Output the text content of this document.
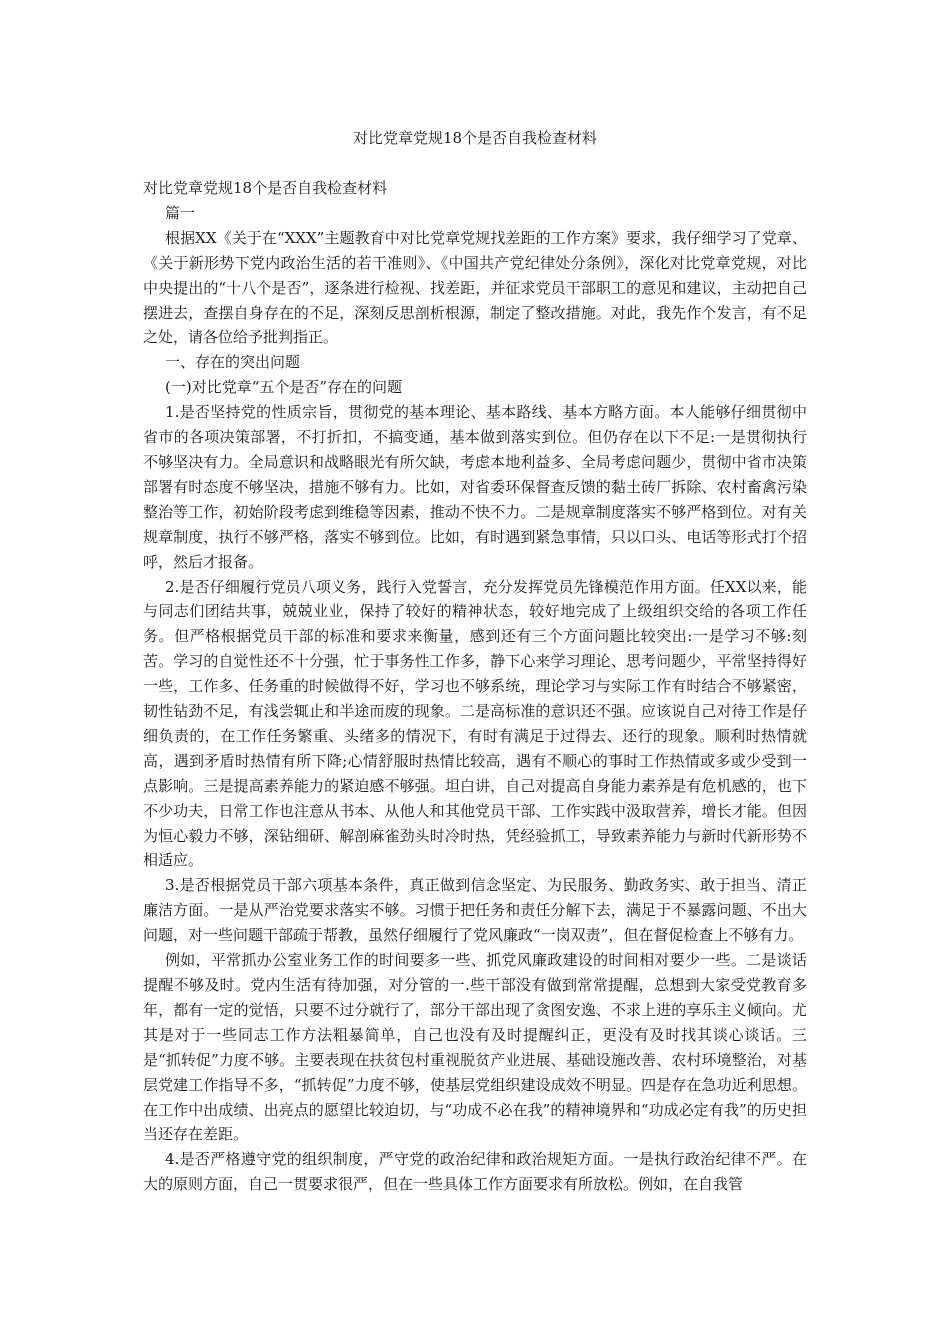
对比党章党规18个是否自我检查材料

对比党章党规18个是否自我检查材料

篇一

根据XX《关于在“XXX”主题教育中对比党章党规找差距的工作方案》要求，我仔细学习了党章、《关于新形势下党内政治生活的若干准则》、《中国共产党纪律处分条例》，深化对比党章党规，对比中央提出的“十八个是否”，逐条进行检视、找差距，并征求党员干部职工的意见和建议，主动把自己摆进去，查摆自身存在的不足，深刻反思剖析根源，制定了整改措施。对此，我先作个发言，有不足之处，请各位给予批判指正。

一、存在的突出问题

(一)对比党章“五个是否”存在的问题

1.是否坚持党的性质宗旨，贯彻党的基本理论、基本路线、基本方略方面。本人能够仔细贯彻中省市的各项决策部署，不打折扣，不搞变通，基本做到落实到位。但仍存在以下不足:一是贯彻执行不够坚决有力。全局意识和战略眼光有所欠缺，考虑本地利益多、全局考虑问题少，贯彻中省市决策部署有时态度不够坚决，措施不够有力。比如，对省委环保督查反馈的黏土砖厂拆除、农村畜禽污染整治等工作，初始阶段考虑到维稳等因素，推动不快不力。二是规章制度落实不够严格到位。对有关规章制度，执行不够严格，落实不够到位。比如，有时遇到紧急事情，只以口头、电话等形式打个招呼，然后才报备。

2.是否仔细履行党员八项义务，践行入党誓言，充分发挥党员先锋模范作用方面。任XX以来，能与同志们团结共事，兢兢业业，保持了较好的精神状态，较好地完成了上级组织交给的各项工作任务。但严格根据党员干部的标准和要求来衡量，感到还有三个方面问题比较突出:一是学习不够:刻苦。学习的自觉性还不十分强，忙于事务性工作多，静下心来学习理论、思考问题少，平常坚持得好一些，工作多、任务重的时候做得不好，学习也不够系统，理论学习与实际工作有时结合不够紧密，韧性钻劲不足，有浅尝辄止和半途而废的现象。二是高标准的意识还不强。应该说自己对待工作是仔细负责的，在工作任务繁重、头绪多的情况下，有时有满足于过得去、还行的现象。顺利时热情就高，遇到矛盾时热情有所下降;心情舒服时热情比较高，遇有不顺心的事时工作热情或多或少受到一点影响。三是提高素养能力的紧迫感不够强。坦白讲，自己对提高自身能力素养是有危机感的，也下不少功夫，日常工作也注意从书本、从他人和其他党员干部、工作实践中汲取营养，增长才能。但因为恒心毅力不够，深钻细研、解剖麻雀劲头时冷时热，凭经验抓工，导致素养能力与新时代新形势不相适应。

3.是否根据党员干部六项基本条件，真正做到信念坚定、为民服务、勤政务实、敢于担当、清正廉洁方面。一是从严治党要求落实不够。习惯于把任务和责任分解下去，满足于不暴露问题、不出大问题，对一些问题干部疏于帮教，虽然仔细履行了党风廉政“一岗双责”，但在督促检查上不够有力。

例如，平常抓办公室业务工作的时间要多一些、抓党风廉政建设的时间相对要少一些。二是谈话提醒不够及时。党内生活有待加强，对分管的一.些干部没有做到常常提醒，总想到大家受党教育多年，都有一定的觉悟，只要不过分就行了，部分干部出现了贪图安逸、不求上进的享乐主义倾向。尤其是对于一些同志工作方法粗暴简单，自己也没有及时提醒纠正，更没有及时找其谈心谈话。三是“抓转促”力度不够。主要表现在扶贫包村重视脱贫产业进展、基础设施改善、农村环境整治，对基层党建工作指导不多，“抓转促”力度不够，使基层党组织建设成效不明显。四是存在急功近利思想。在工作中出成绩、出亮点的愿望比较迫切，与“功成不必在我”的精神境界和“功成必定有我”的历史担当还存在差距。

4.是否严格遵守党的组织制度，严守党的政治纪律和政治规矩方面。一是执行政治纪律不严。在大的原则方面，自己一贯要求很严，但在一些具体工作方面要求有所放松。例如，在自我管
